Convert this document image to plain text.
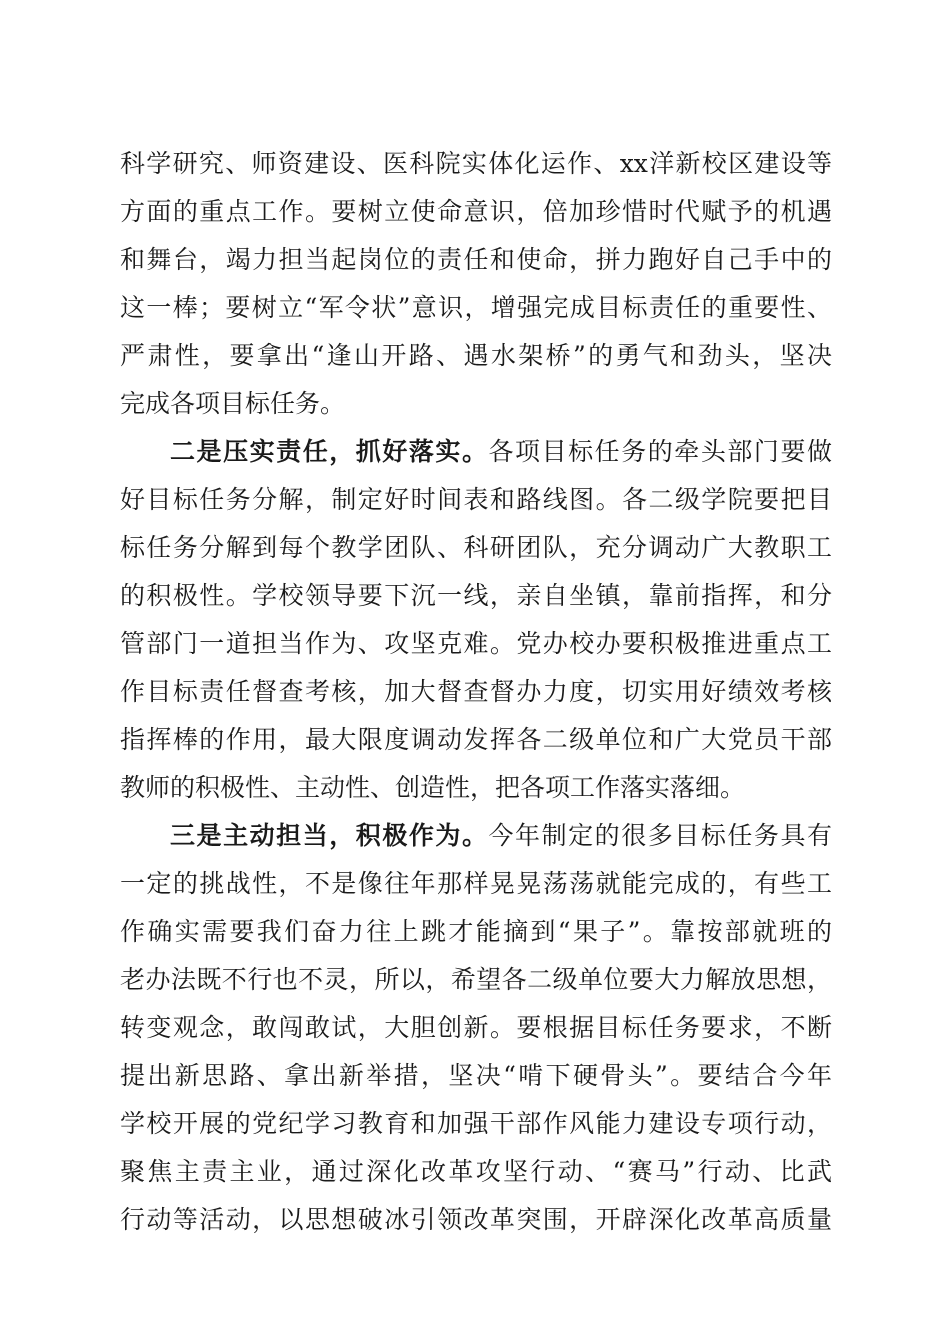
科学研究、师资建设、医科院实体化运作、xx洋新校区建设等
方面的重点工作。要树立使命意识，倍加珍惜时代赋予的机遇
和舞台，竭力担当起岗位的责任和使命，拼力跑好自己手中的
这一棒；要树立“军令状”意识，增强完成目标责任的重要性、
严肃性，要拿出“逢山开路、遇水架桥”的勇气和劲头，坚决
完成各项目标任务。
二是压实责任，抓好落实。各项目标任务的牵头部门要做
好目标任务分解，制定好时间表和路线图。各二级学院要把目
标任务分解到每个教学团队、科研团队，充分调动广大教职工
的积极性。学校领导要下沉一线，亲自坐镇，靠前指挥，和分
管部门一道担当作为、攻坚克难。党办校办要积极推进重点工
作目标责任督查考核，加大督查督办力度，切实用好绩效考核
指挥棒的作用，最大限度调动发挥各二级单位和广大党员干部
教师的积极性、主动性、创造性，把各项工作落实落细。
三是主动担当，积极作为。今年制定的很多目标任务具有
一定的挑战性，不是像往年那样晃晃荡荡就能完成的，有些工
作确实需要我们奋力往上跳才能摘到“果子”。靠按部就班的
老办法既不行也不灵，所以，希望各二级单位要大力解放思想，
转变观念，敢闯敢试，大胆创新。要根据目标任务要求，不断
提出新思路、拿出新举措，坚决“啃下硬骨头”。要结合今年
学校开展的党纪学习教育和加强干部作风能力建设专项行动，
聚焦主责主业，通过深化改革攻坚行动、“赛马”行动、比武
行动等活动，以思想破冰引领改革突围，开辟深化改革高质量
